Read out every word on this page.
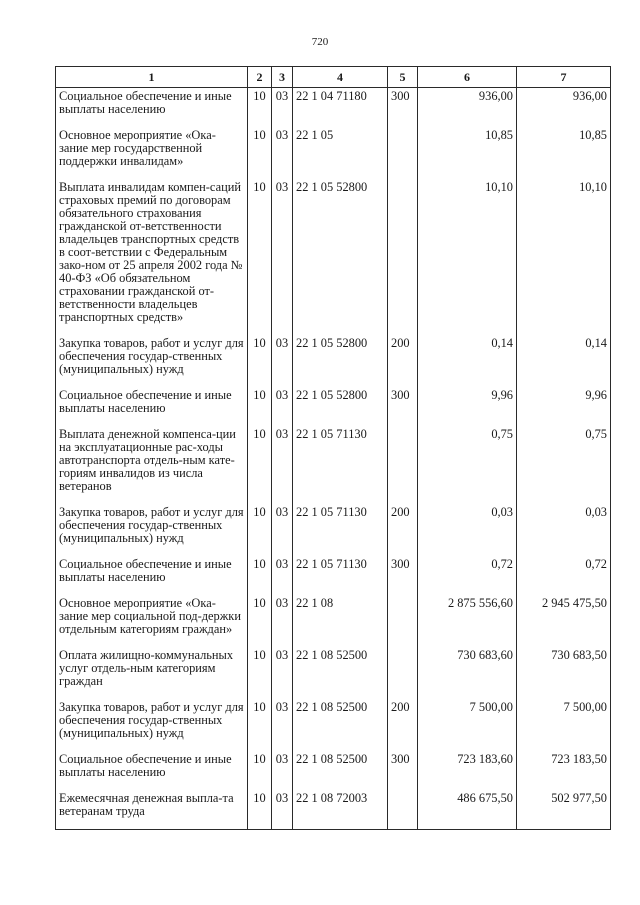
720
1	2	3	4	5	6	7
Социальное обеспечение и иные выплаты населению	10	03	22 1 04 71180	300	936,00	936,00
Основное мероприятие «Ока-зание мер государственной поддержки инвалидам»	10	03	22 1 05		10,85	10,85
Выплата инвалидам компен-саций страховых премий по договорам обязательного страхования гражданской от-ветственности владельцев транспортных средств в соот-ветствии с Федеральным зако-ном от 25 апреля 2002 года № 40-ФЗ «Об обязательном страховании гражданской от-ветственности владельцев транспортных средств»	10	03	22 1 05 52800		10,10	10,10
Закупка товаров, работ и услуг для обеспечения государ-ственных (муниципальных) нужд	10	03	22 1 05 52800	200	0,14	0,14
Социальное обеспечение и иные выплаты населению	10	03	22 1 05 52800	300	9,96	9,96
Выплата денежной компенса-ции на эксплуатационные рас-ходы автотранспорта отдель-ным кате-гориям инвалидов из числа ветеранов	10	03	22 1 05 71130		0,75	0,75
Закупка товаров, работ и услуг для обеспечения государ-ственных (муниципальных) нужд	10	03	22 1 05 71130	200	0,03	0,03
Социальное обеспечение и иные выплаты населению	10	03	22 1 05 71130	300	0,72	0,72
Основное мероприятие «Ока-зание мер социальной под-держки отдельным категориям граждан»	10	03	22 1 08		2 875 556,60	2 945 475,50
Оплата жилищно-коммунальных услуг отдель-ным категориям граждан	10	03	22 1 08 52500		730 683,60	730 683,50
Закупка товаров, работ и услуг для обеспечения государ-ственных (муниципальных) нужд	10	03	22 1 08 52500	200	7 500,00	7 500,00
Социальное обеспечение и иные выплаты населению	10	03	22 1 08 52500	300	723 183,60	723 183,50
Ежемесячная денежная выпла-та ветеранам труда	10	03	22 1 08 72003		486 675,50	502 977,50
